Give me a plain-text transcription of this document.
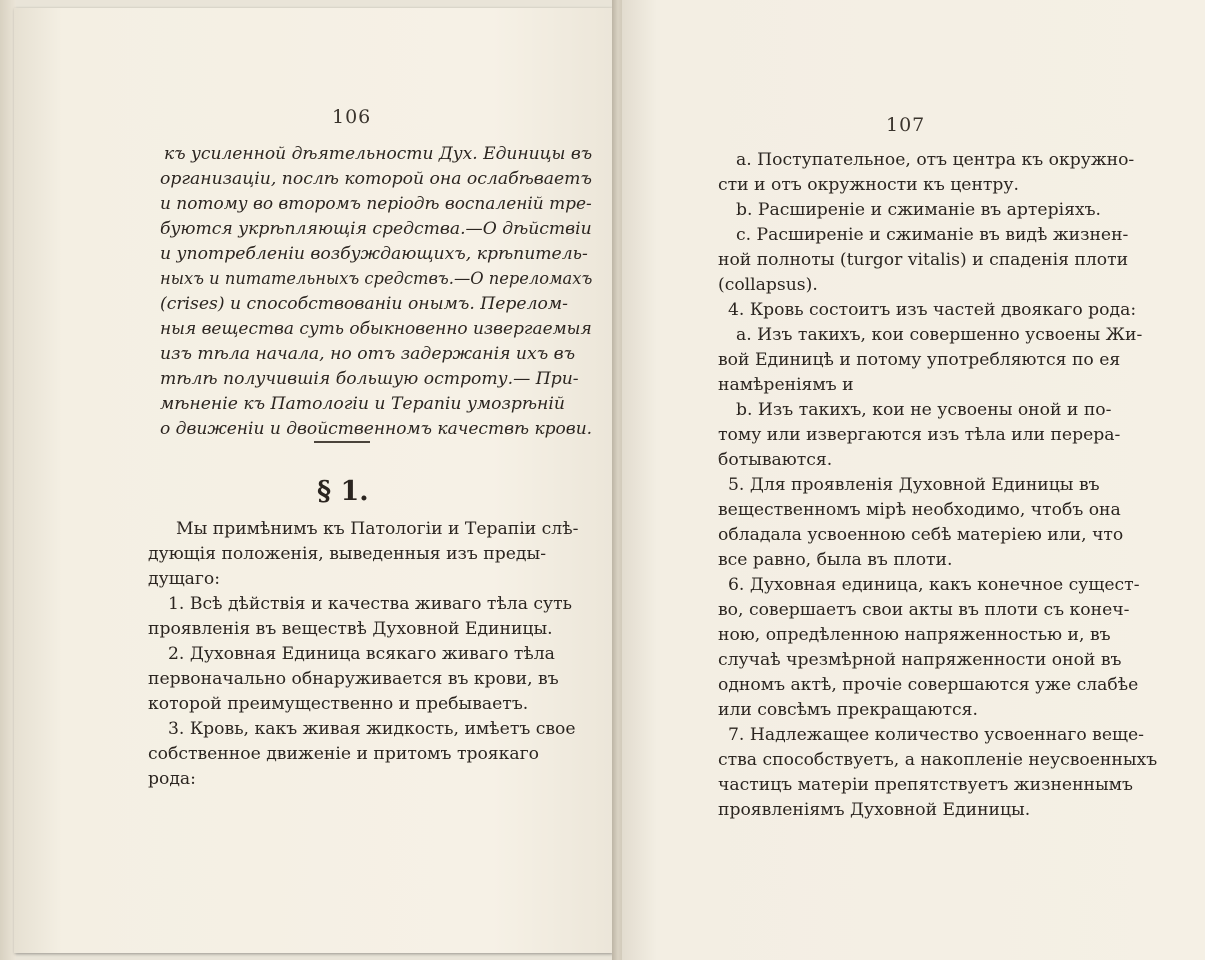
106
къ усиленной дѣятельности Дух. Единицы въ
организаціи, послѣ которой она ослабѣваетъ
и потому во второмъ періодѣ воспаленій тре-
буются укрѣпляющія средства.—О дѣйствіи
и употребленіи возбуждающихъ, крѣпитель-
ныхъ и питательныхъ средствъ.—О переломахъ
(crises) и способствованіи онымъ. Перелом-
ныя вещества суть обыкновенно извергаемыя
изъ тѣла начала, но отъ задержанія ихъ въ
тѣлѣ получившія большую остроту.— При-
мѣненіе къ Патологіи и Терапіи умозрѣній
о движеніи и двойственномъ качествѣ крови.
§ 1.
Мы примѣнимъ къ Патологіи и Терапіи слѣ-
дующія положенія, выведенныя изъ преды-
дущаго:
1. Всѣ дѣйствія и качества живаго тѣла суть
проявленія въ веществѣ Духовной Единицы.
2. Духовная Единица всякаго живаго тѣла
первоначально обнаруживается въ крови, въ
которой преимущественно и пребываетъ.
3. Кровь, какъ живая жидкость, имѣетъ свое
собственное движеніе и притомъ троякаго
рода:
107
a. Поступательное, отъ центра къ окружно-
сти и отъ окружности къ центру.
b. Расширеніе и сжиманіе въ артеріяхъ.
c. Расширеніе и сжиманіе въ видѣ жизнен-
ной полноты (turgor vitalis) и спаденія плоти
(collapsus).
4. Кровь состоитъ изъ частей двоякаго рода:
a. Изъ такихъ, кои совершенно усвоены Жи-
вой Единицѣ и потому употребляются по ея
намѣреніямъ и
b. Изъ такихъ, кои не усвоены оной и по-
тому или извергаются изъ тѣла или перера-
ботываются.
5. Для проявленія Духовной Единицы въ
вещественномъ мірѣ необходимо, чтобъ она
обладала усвоенною себѣ матеріею или, что
все равно, была въ плоти.
6. Духовная единица, какъ конечное сущест-
во, совершаетъ свои акты въ плоти съ конеч-
ною, опредѣленною напряженностью и, въ
случаѣ чрезмѣрной напряженности оной въ
одномъ актѣ, прочіе совершаются уже слабѣе
или совсѣмъ прекращаются.
7. Надлежащее количество усвоеннаго веще-
ства способствуетъ, а накопленіе неусвоенныхъ
частицъ матеріи препятствуетъ жизненнымъ
проявленіямъ Духовной Единицы.
